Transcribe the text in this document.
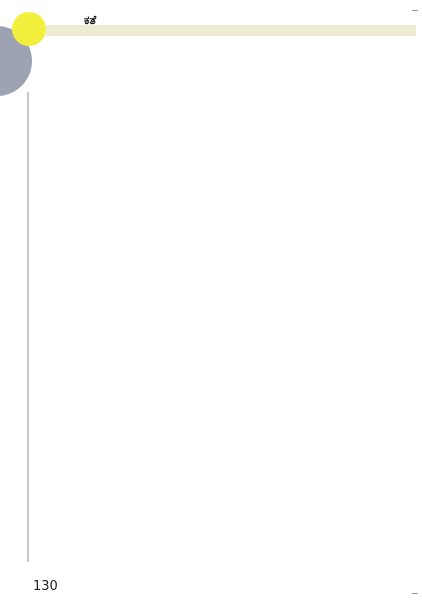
ಕತೆ

130
